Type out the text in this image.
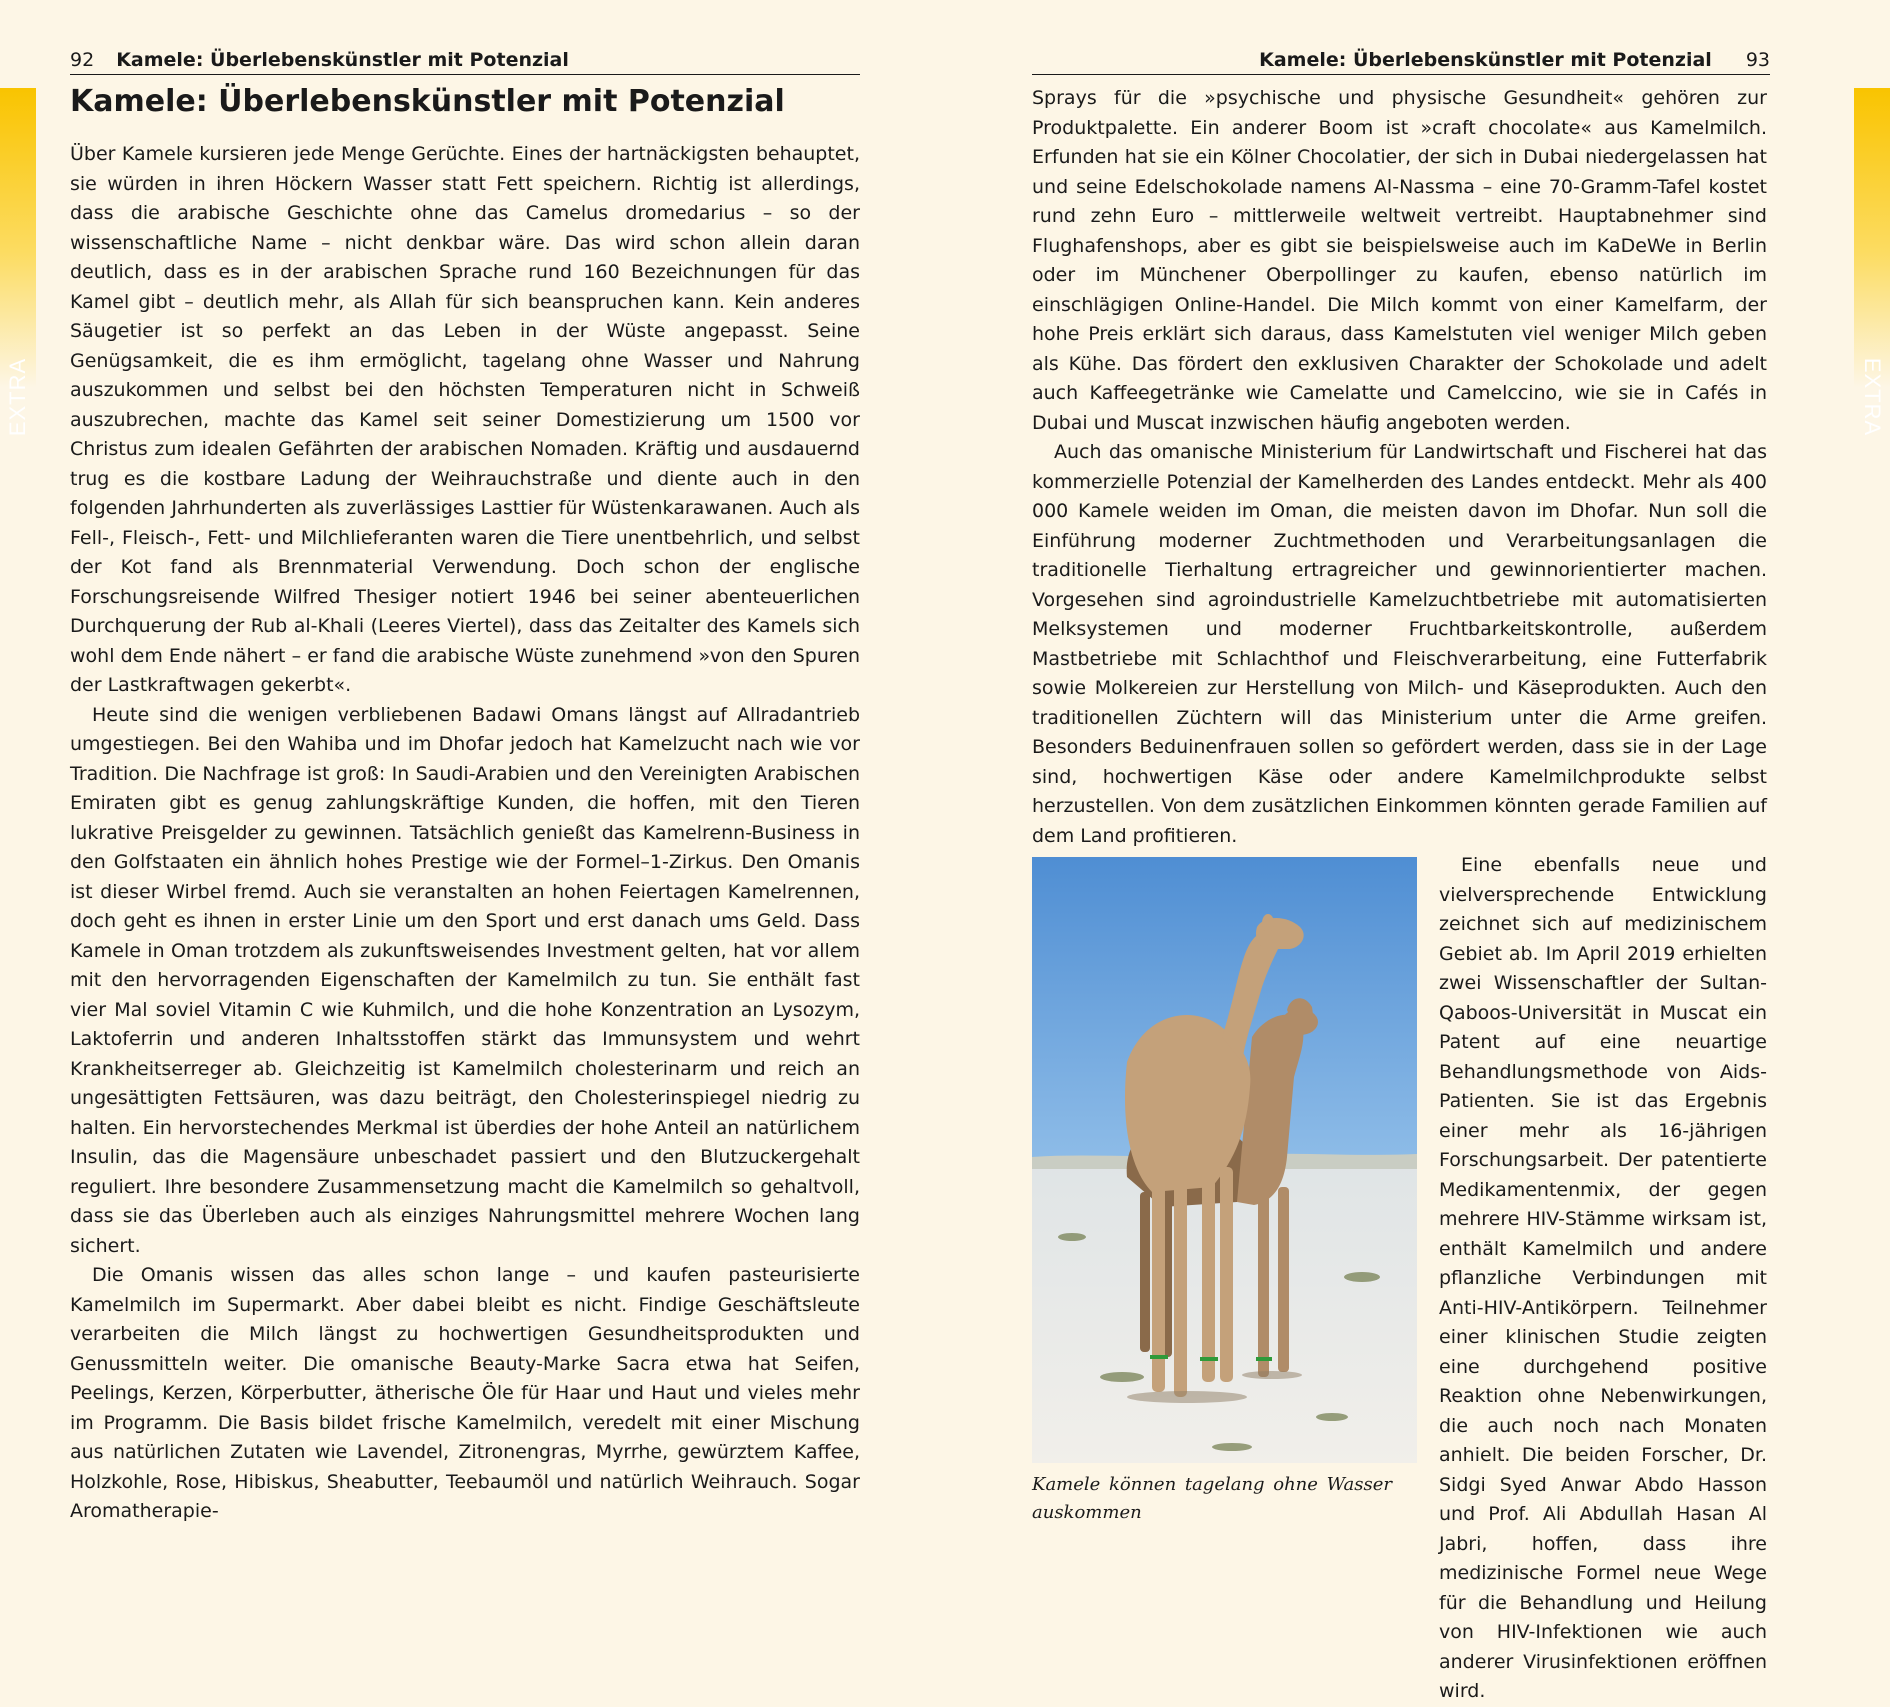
EXTRA
92 Kamele: Überlebenskünstler mit Potenzial
Kamele: Überlebenskünstler mit Potenzial

Über Kamele kursieren jede Menge Gerüchte. Eines der hartnäckigsten behauptet, sie würden in ihren Höckern Wasser statt Fett speichern. Richtig ist allerdings, dass die arabische Geschichte ohne das Camelus dromedarius – so der wissenschaftliche Name – nicht denkbar wäre. Das wird schon allein daran deutlich, dass es in der arabischen Sprache rund 160 Bezeichnungen für das Kamel gibt – deutlich mehr, als Allah für sich beanspruchen kann. Kein anderes Säugetier ist so perfekt an das Leben in der Wüste angepasst. Seine Genügsamkeit, die es ihm ermöglicht, tagelang ohne Wasser und Nahrung auszukommen und selbst bei den höchsten Temperaturen nicht in Schweiß auszubrechen, machte das Kamel seit seiner Domestizierung um 1500 vor Christus zum idealen Gefährten der arabischen Nomaden. Kräftig und ausdauernd trug es die kostbare Ladung der Weihrauchstraße und diente auch in den folgenden Jahrhunderten als zuverlässiges Lasttier für Wüstenkarawanen. Auch als Fell-, Fleisch-, Fett- und Milchlieferanten waren die Tiere unentbehrlich, und selbst der Kot fand als Brennmaterial Verwendung. Doch schon der englische Forschungsreisende Wilfred Thesiger notiert 1946 bei seiner abenteuerlichen Durchquerung der Rub al-Khali (Leeres Viertel), dass das Zeitalter des Kamels sich wohl dem Ende nähert – er fand die arabische Wüste zunehmend »von den Spuren der Lastkraftwagen gekerbt«.

Heute sind die wenigen verbliebenen Badawi Omans längst auf Allradantrieb umgestiegen. Bei den Wahiba und im Dhofar jedoch hat Kamelzucht nach wie vor Tradition. Die Nachfrage ist groß: In Saudi-Arabien und den Vereinigten Arabischen Emiraten gibt es genug zahlungskräftige Kunden, die hoffen, mit den Tieren lukrative Preisgelder zu gewinnen. Tatsächlich genießt das Kamelrenn-Business in den Golfstaaten ein ähnlich hohes Prestige wie der Formel–1-Zirkus. Den Omanis ist dieser Wirbel fremd. Auch sie veranstalten an hohen Feiertagen Kamelrennen, doch geht es ihnen in erster Linie um den Sport und erst danach ums Geld. Dass Kamele in Oman trotzdem als zukunftsweisendes Investment gelten, hat vor allem mit den hervorragenden Eigenschaften der Kamelmilch zu tun. Sie enthält fast vier Mal soviel Vitamin C wie Kuhmilch, und die hohe Konzentration an Lysozym, Laktoferrin und anderen Inhaltsstoffen stärkt das Immunsystem und wehrt Krankheitserreger ab. Gleichzeitig ist Kamelmilch cholesterinarm und reich an ungesättigten Fettsäuren, was dazu beiträgt, den Cholesterinspiegel niedrig zu halten. Ein hervorstechendes Merkmal ist überdies der hohe Anteil an natürlichem Insulin, das die Magensäure unbeschadet passiert und den Blutzuckergehalt reguliert. Ihre besondere Zusammensetzung macht die Kamelmilch so gehaltvoll, dass sie das Überleben auch als einziges Nahrungsmittel mehrere Wochen lang sichert.

Die Omanis wissen das alles schon lange – und kaufen pasteurisierte Kamelmilch im Supermarkt. Aber dabei bleibt es nicht. Findige Geschäftsleute verarbeiten die Milch längst zu hochwertigen Gesundheitsprodukten und Genussmitteln weiter. Die omanische Beauty-Marke Sacra etwa hat Seifen, Peelings, Kerzen, Körperbutter, ätherische Öle für Haar und Haut und vieles mehr im Programm. Die Basis bildet frische Kamelmilch, veredelt mit einer Mischung aus natürlichen Zutaten wie Lavendel, Zitronengras, Myrrhe, gewürztem Kaffee, Holzkohle, Rose, Hibiskus, Sheabutter, Teebaumöl und natürlich Weihrauch. Sogar Aromatherapie-

EXTRA
Kamele: Überlebenskünstler mit Potenzial 93

Sprays für die »psychische und physische Gesundheit« gehören zur Produktpalette. Ein anderer Boom ist »craft chocolate« aus Kamelmilch. Erfunden hat sie ein Kölner Chocolatier, der sich in Dubai niedergelassen hat und seine Edelschokolade namens Al-Nassma – eine 70-Gramm-Tafel kostet rund zehn Euro – mittlerweile weltweit vertreibt. Hauptabnehmer sind Flughafenshops, aber es gibt sie beispielsweise auch im KaDeWe in Berlin oder im Münchener Oberpollinger zu kaufen, ebenso natürlich im einschlägigen Online-Handel. Die Milch kommt von einer Kamelfarm, der hohe Preis erklärt sich daraus, dass Kamelstuten viel weniger Milch geben als Kühe. Das fördert den exklusiven Charakter der Schokolade und adelt auch Kaffeegetränke wie Camelatte und Camelccino, wie sie in Cafés in Dubai und Muscat inzwischen häufig angeboten werden.

Auch das omanische Ministerium für Landwirtschaft und Fischerei hat das kommerzielle Potenzial der Kamelherden des Landes entdeckt. Mehr als 400 000 Kamele weiden im Oman, die meisten davon im Dhofar. Nun soll die Einführung moderner Zuchtmethoden und Verarbeitungsanlagen die traditionelle Tierhaltung ertragreicher und gewinnorientierter machen. Vorgesehen sind agroindustrielle Kamelzuchtbetriebe mit automatisierten Melksystemen und moderner Fruchtbarkeitskontrolle, außerdem Mastbetriebe mit Schlachthof und Fleischverarbeitung, eine Futterfabrik sowie Molkereien zur Herstellung von Milch- und Käseprodukten. Auch den traditionellen Züchtern will das Ministerium unter die Arme greifen. Besonders Beduinenfrauen sollen so gefördert werden, dass sie in der Lage sind, hochwertigen Käse oder andere Kamelmilchprodukte selbst herzustellen. Von dem zusätzlichen Einkommen könnten gerade Familien auf dem Land profitieren.

Kamele können tagelang ohne Wasser auskommen

Eine ebenfalls neue und vielversprechende Entwicklung zeichnet sich auf medizinischem Gebiet ab. Im April 2019 erhielten zwei Wissenschaftler der Sultan-Qaboos-Universität in Muscat ein Patent auf eine neuartige Behandlungsmethode von Aids-Patienten. Sie ist das Ergebnis einer mehr als 16-jährigen Forschungsarbeit. Der patentierte Medikamentenmix, der gegen mehrere HIV-Stämme wirksam ist, enthält Kamelmilch und andere pflanzliche Verbindungen mit Anti-HIV-Antikörpern. Teilnehmer einer klinischen Studie zeigten eine durchgehend positive Reaktion ohne Nebenwirkungen, die auch noch nach Monaten anhielt. Die beiden Forscher, Dr. Sidgi Syed Anwar Abdo Hasson und Prof. Ali Abdullah Hasan Al Jabri, hoffen, dass ihre medizinische Formel neue Wege für die Behandlung und Heilung von HIV-Infektionen wie auch anderer Virusinfektionen eröffnen wird.
